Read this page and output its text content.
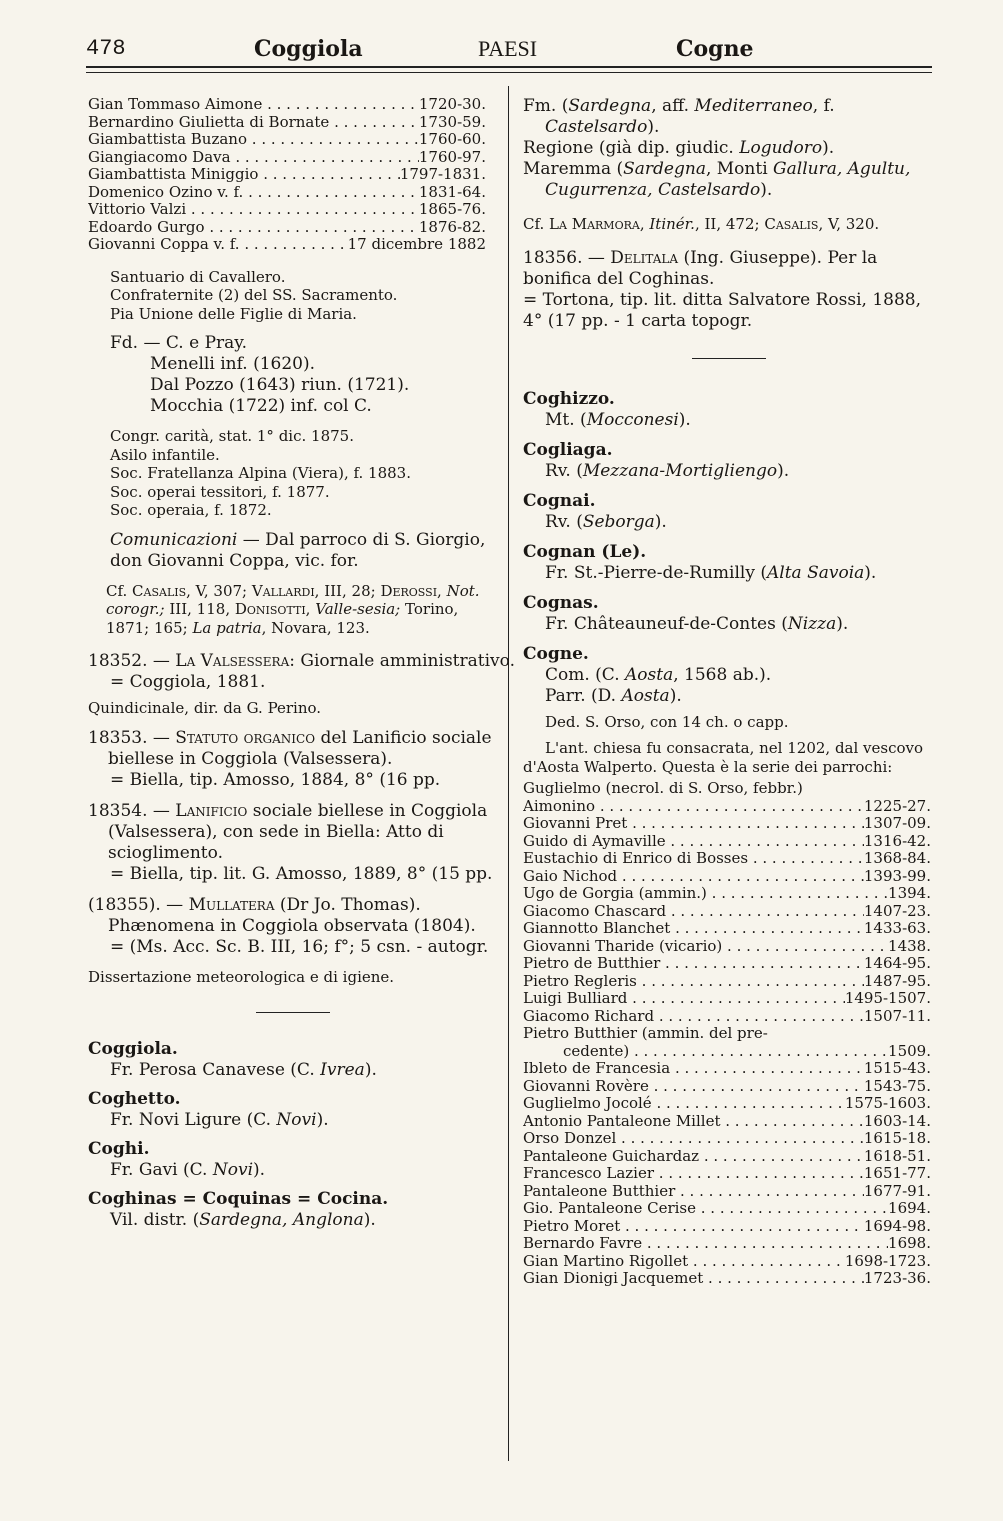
478	Coggiola	PAESI	Cogne
Gian Tommaso Aimone . . .	1720-30.
Bernardino Giulietta di Bornate . . .	1730-59.
Giambattista Buzano . . .	1760-60.
Giangiacomo Dava . . .	1760-97.
Giambattista Miniggio . . .	1797-1831.
Domenico Ozino v. f. . . .	1831-64.
Vittorio Valzi . . .	1865-76.
Edoardo Gurgo . . .	1876-82.
Giovanni Coppa v. f. . . .	17 dicembre 1882
Santuario di Cavallero.
Confraternite (2) del SS. Sacramento.
Pia Unione delle Figlie di Maria.
Fd. — C. e Pray.
Menelli inf. (1620).
Dal Pozzo (1643) riun. (1721).
Mocchia (1722) inf. col C.
Congr. carità, stat. 1° dic. 1875.
Asilo infantile.
Soc. Fratellanza Alpina (Viera), f. 1883.
Soc. operai tessitori, f. 1877.
Soc. operaia, f. 1872.
Comunicazioni — Dal parroco di S. Giorgio, don Giovanni Coppa, vic. for.
Cf. Casalis, V, 307; Vallardi, III, 28; Derossi, Not. corogr.; III, 118, Donisotti, Valle-sesia; Torino, 1871; 165; La patria, Novara, 123.
18352. — La Valsessera: Giornale amministrativo.
= Coggiola, 1881.
Quindicinale, dir. da G. Perino.
18353. — Statuto organico del Lanificio sociale biellese in Coggiola (Valsessera).
= Biella, tip. Amosso, 1884, 8° (16 pp.
18354. — Lanificio sociale biellese in Coggiola (Valsessera), con sede in Biella: Atto di scioglimento.
= Biella, tip. lit. G. Amosso, 1889, 8° (15 pp.
(18355). — Mullatera (Dr Jo. Thomas). Phænomena in Coggiola observata (1804).
= (Ms. Acc. Sc. B. III, 16; f°; 5 csn. - autogr.
Dissertazione meteorologica e di igiene.
Coggiola.
Fr. Perosa Canavese (C. Ivrea).
Coghetto.
Fr. Novi Ligure (C. Novi).
Coghi.
Fr. Gavi (C. Novi).
Coghinas = Coquinas = Cocina.
Vil. distr. (Sardegna, Anglona).
Fm. (Sardegna, aff. Mediterraneo, f. Castelsardo).
Regione (già dip. giudic. Logudoro).
Maremma (Sardegna, Monti Gallura, Agultu, Cugurrenza, Castelsardo).
Cf. La Marmora, Itinér., II, 472; Casalis, V, 320.
18356. — Delitala (Ing. Giuseppe). Per la bonifica del Coghinas.
= Tortona, tip. lit. ditta Salvatore Rossi, 1888, 4° (17 pp. - 1 carta topogr.
Coghizzo.
Mt. (Mocconesi).
Cogliaga.
Rv. (Mezzana-Mortigliengo).
Cognai.
Rv. (Seborga).
Cognan (Le).
Fr. St.-Pierre-de-Rumilly (Alta Savoia).
Cognas.
Fr. Châteauneuf-de-Contes (Nizza).
Cogne.
Com. (C. Aosta, 1568 ab.).
Parr. (D. Aosta).
Ded. S. Orso, con 14 ch. o capp.
L'ant. chiesa fu consacrata, nel 1202, dal vescovo d'Aosta Walperto. Questa è la serie dei parrochi:
Guglielmo (necrol. di S. Orso, febbr.)
Aimonino . . .	1225-27.
Giovanni Pret . . .	1307-09.
Guido di Aymaville . . .	1316-42.
Eustachio di Enrico di Bosses . . .	1368-84.
Gaio Nichod . . .	1393-99.
Ugo de Gorgia (ammin.) . . .	1394.
Giacomo Chascard . . .	1407-23.
Giannotto Blanchet . . .	1433-63.
Giovanni Tharide (vicario) . . .	1438.
Pietro de Butthier . . .	1464-95.
Pietro Regleris . . .	1487-95.
Luigi Bulliard . . .	1495-1507.
Giacomo Richard . . .	1507-11.
Pietro Butthier (ammin. del pre-
cedente) . . .	1509.
Ibleto de Francesia . . .	1515-43.
Giovanni Rovère . . .	1543-75.
Guglielmo Jocolé . . .	1575-1603.
Antonio Pantaleone Millet . . .	1603-14.
Orso Donzel . . .	1615-18.
Pantaleone Guichardaz . . .	1618-51.
Francesco Lazier . . .	1651-77.
Pantaleone Butthier . . .	1677-91.
Gio. Pantaleone Cerise . . .	1694.
Pietro Moret . . .	1694-98.
Bernardo Favre . . .	1698.
Gian Martino Rigollet . . .	1698-1723.
Gian Dionigi Jacquemet . . .	1723-36.
